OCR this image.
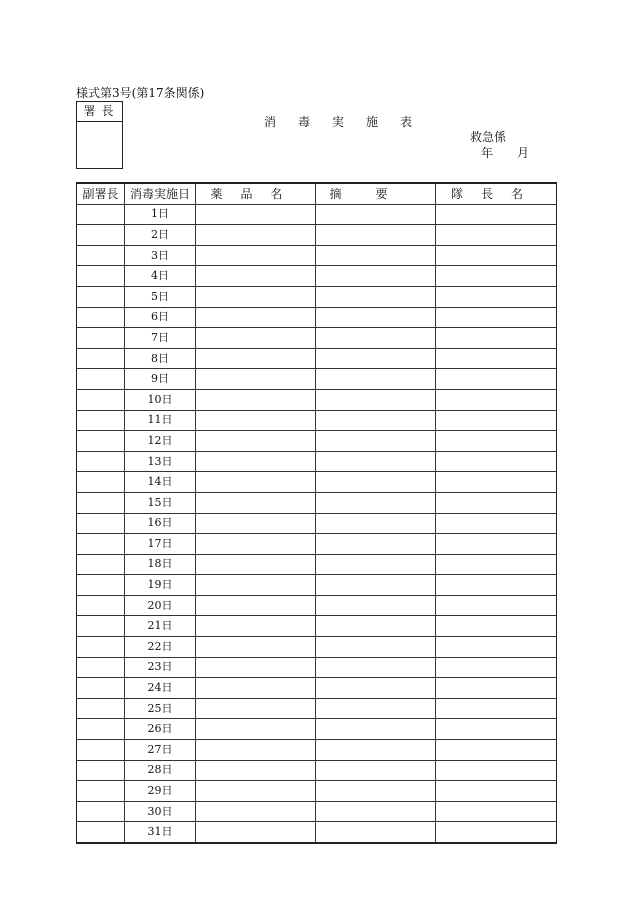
様式第3号(第17条関係)
署長
消毒実施表
救急係
年 月
副署長	消毒実施日	薬品名	摘要	隊長名
	1日			
	2日			
	3日			
	4日			
	5日			
	6日			
	7日			
	8日			
	9日			
	10日			
	11日			
	12日			
	13日			
	14日			
	15日			
	16日			
	17日			
	18日			
	19日			
	20日			
	21日			
	22日			
	23日			
	24日			
	25日			
	26日			
	27日			
	28日			
	29日			
	30日			
	31日			
